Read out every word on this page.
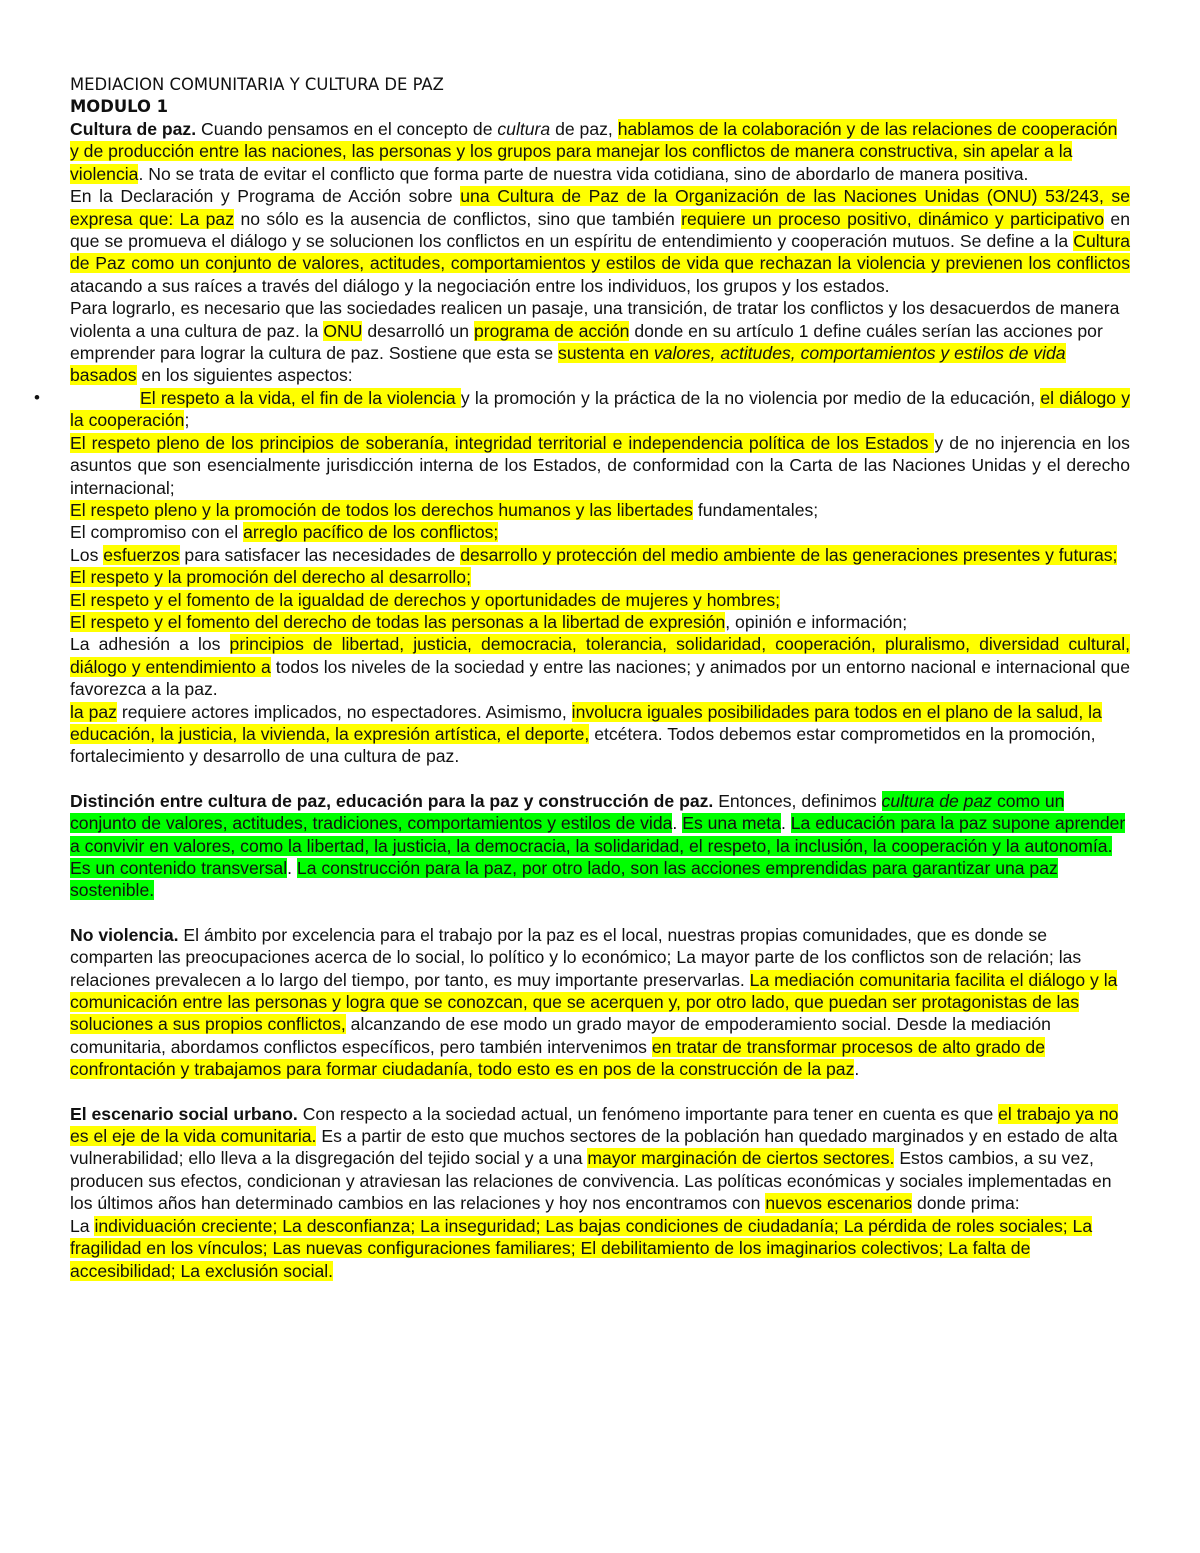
MEDIACION COMUNITARIA Y CULTURA DE PAZ

MODULO 1

Cultura de paz. Cuando pensamos en el concepto de cultura de paz, hablamos de la colaboración y de las relaciones de cooperación y de producción entre las naciones, las personas y los grupos para manejar los conflictos de manera constructiva, sin apelar a la violencia. No se trata de evitar el conflicto que forma parte de nuestra vida cotidiana, sino de abordarlo de manera positiva.

En la Declaración y Programa de Acción sobre una Cultura de Paz de la Organización de las Naciones Unidas (ONU) 53/243, se expresa que: La paz no sólo es la ausencia de conflictos, sino que también requiere un proceso positivo, dinámico y participativo en que se promueva el diálogo y se solucionen los conflictos en un espíritu de entendimiento y cooperación mutuos. Se define a la Cultura de Paz como un conjunto de valores, actitudes, comportamientos y estilos de vida que rechazan la violencia y previenen los conflictos atacando a sus raíces a través del diálogo y la negociación entre los individuos, los grupos y los estados.

Para lograrlo, es necesario que las sociedades realicen un pasaje, una transición, de tratar los conflictos y los desacuerdos de manera violenta a una cultura de paz. la ONU desarrolló un programa de acción donde en su artículo 1 define cuáles serían las acciones por emprender para lograr la cultura de paz. Sostiene que esta se sustenta en valores, actitudes, comportamientos y estilos de vida basados en los siguientes aspectos:

•	El respeto a la vida, el fin de la violencia y la promoción y la práctica de la no violencia por medio de la educación, el diálogo y la cooperación;

El respeto pleno de los principios de soberanía, integridad territorial e independencia política de los Estados y de no injerencia en los asuntos que son esencialmente jurisdicción interna de los Estados, de conformidad con la Carta de las Naciones Unidas y el derecho internacional;

El respeto pleno y la promoción de todos los derechos humanos y las libertades fundamentales;

El compromiso con el arreglo pacífico de los conflictos;

Los esfuerzos para satisfacer las necesidades de desarrollo y protección del medio ambiente de las generaciones presentes y futuras;

El respeto y la promoción del derecho al desarrollo;

El respeto y el fomento de la igualdad de derechos y oportunidades de mujeres y hombres;

El respeto y el fomento del derecho de todas las personas a la libertad de expresión, opinión e información;

La adhesión a los principios de libertad, justicia, democracia, tolerancia, solidaridad, cooperación, pluralismo, diversidad cultural, diálogo y entendimiento a todos los niveles de la sociedad y entre las naciones; y animados por un entorno nacional e internacional que favorezca a la paz.

la paz requiere actores implicados, no espectadores. Asimismo, involucra iguales posibilidades para todos en el plano de la salud, la educación, la justicia, la vivienda, la expresión artística, el deporte, etcétera. Todos debemos estar comprometidos en la promoción, fortalecimiento y desarrollo de una cultura de paz.

Distinción entre cultura de paz, educación para la paz y construcción de paz. Entonces, definimos cultura de paz como un conjunto de valores, actitudes, tradiciones, comportamientos y estilos de vida. Es una meta. La educación para la paz supone aprender a convivir en valores, como la libertad, la justicia, la democracia, la solidaridad, el respeto, la inclusión, la cooperación y la autonomía. Es un contenido transversal. La construcción para la paz, por otro lado, son las acciones emprendidas para garantizar una paz sostenible.

No violencia. El ámbito por excelencia para el trabajo por la paz es el local, nuestras propias comunidades, que es donde se comparten las preocupaciones acerca de lo social, lo político y lo económico; La mayor parte de los conflictos son de relación; las relaciones prevalecen a lo largo del tiempo, por tanto, es muy importante preservarlas. La mediación comunitaria facilita el diálogo y la comunicación entre las personas y logra que se conozcan, que se acerquen y, por otro lado, que puedan ser protagonistas de las soluciones a sus propios conflictos, alcanzando de ese modo un grado mayor de empoderamiento social. Desde la mediación comunitaria, abordamos conflictos específicos, pero también intervenimos en tratar de transformar procesos de alto grado de confrontación y trabajamos para formar ciudadanía, todo esto es en pos de la construcción de la paz.

El escenario social urbano. Con respecto a la sociedad actual, un fenómeno importante para tener en cuenta es que el trabajo ya no es el eje de la vida comunitaria. Es a partir de esto que muchos sectores de la población han quedado marginados y en estado de alta vulnerabilidad; ello lleva a la disgregación del tejido social y a una mayor marginación de ciertos sectores. Estos cambios, a su vez, producen sus efectos, condicionan y atraviesan las relaciones de convivencia. Las políticas económicas y sociales implementadas en los últimos años han determinado cambios en las relaciones y hoy nos encontramos con nuevos escenarios donde prima:

La individuación creciente; La desconfianza; La inseguridad; Las bajas condiciones de ciudadanía; La pérdida de roles sociales; La fragilidad en los vínculos; Las nuevas configuraciones familiares; El debilitamiento de los imaginarios colectivos; La falta de accesibilidad; La exclusión social.
